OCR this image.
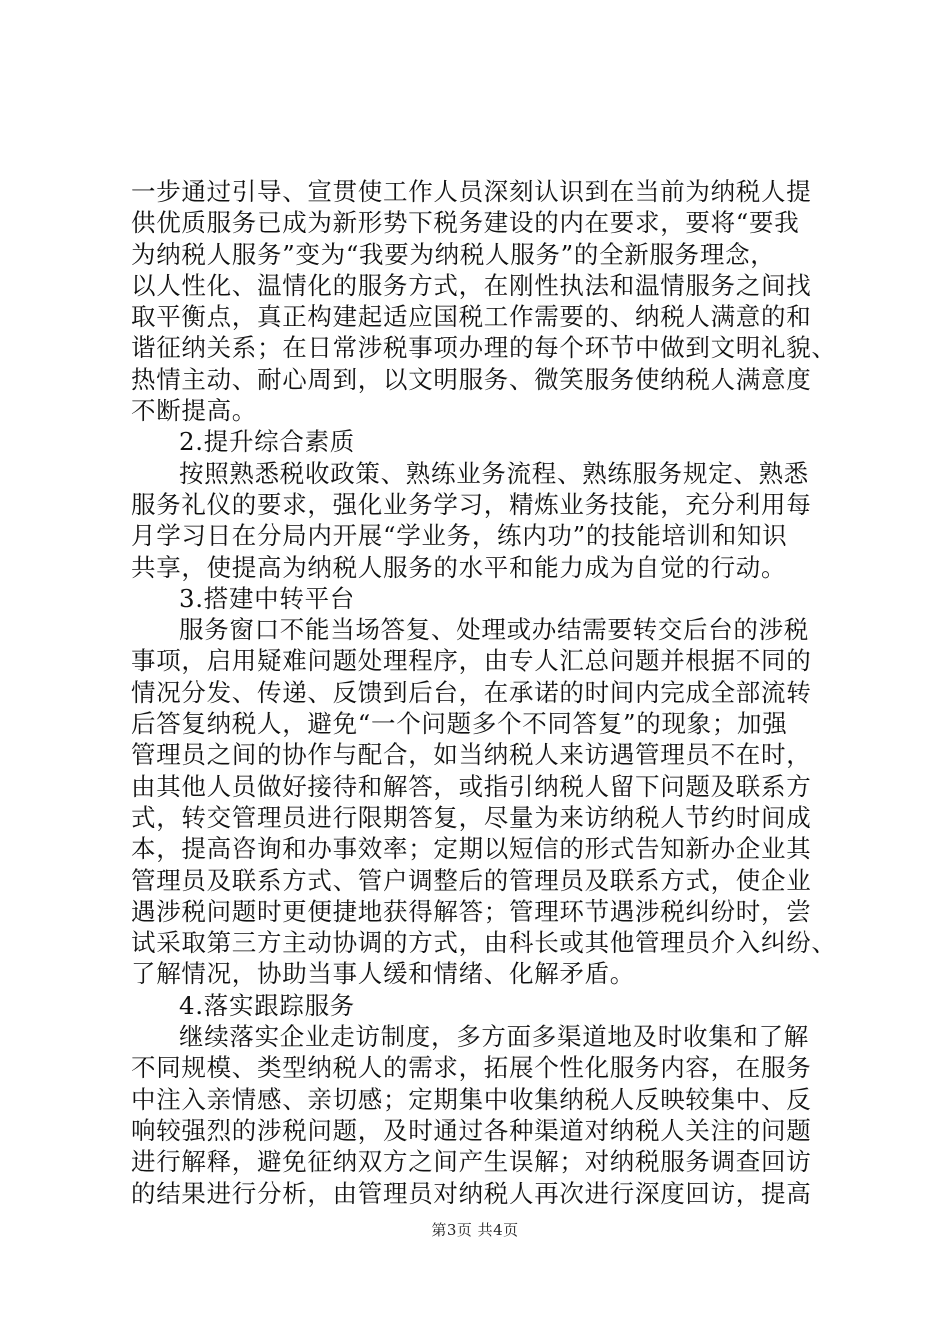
一步通过引导、宣贯使工作人员深刻认识到在当前为纳税人提
供优质服务已成为新形势下税务建设的内在要求，要将“要我
为纳税人服务”变为“我要为纳税人服务”的全新服务理念，
以人性化、温情化的服务方式，在刚性执法和温情服务之间找
取平衡点，真正构建起适应国税工作需要的、纳税人满意的和
谐征纳关系；在日常涉税事项办理的每个环节中做到文明礼貌、
热情主动、耐心周到，以文明服务、微笑服务使纳税人满意度
不断提高。
2.提升综合素质
按照熟悉税收政策、熟练业务流程、熟练服务规定、熟悉
服务礼仪的要求，强化业务学习，精炼业务技能，充分利用每
月学习日在分局内开展“学业务，练内功”的技能培训和知识
共享，使提高为纳税人服务的水平和能力成为自觉的行动。
3.搭建中转平台
服务窗口不能当场答复、处理或办结需要转交后台的涉税
事项，启用疑难问题处理程序，由专人汇总问题并根据不同的
情况分发、传递、反馈到后台，在承诺的时间内完成全部流转
后答复纳税人，避免“一个问题多个不同答复”的现象；加强
管理员之间的协作与配合，如当纳税人来访遇管理员不在时，
由其他人员做好接待和解答，或指引纳税人留下问题及联系方
式，转交管理员进行限期答复，尽量为来访纳税人节约时间成
本，提高咨询和办事效率；定期以短信的形式告知新办企业其
管理员及联系方式、管户调整后的管理员及联系方式，使企业
遇涉税问题时更便捷地获得解答；管理环节遇涉税纠纷时，尝
试采取第三方主动协调的方式，由科长或其他管理员介入纠纷、
了解情况，协助当事人缓和情绪、化解矛盾。
4.落实跟踪服务
继续落实企业走访制度，多方面多渠道地及时收集和了解
不同规模、类型纳税人的需求，拓展个性化服务内容，在服务
中注入亲情感、亲切感；定期集中收集纳税人反映较集中、反
响较强烈的涉税问题，及时通过各种渠道对纳税人关注的问题
进行解释，避免征纳双方之间产生误解；对纳税服务调查回访
的结果进行分析，由管理员对纳税人再次进行深度回访，提高
第3页 共4页
